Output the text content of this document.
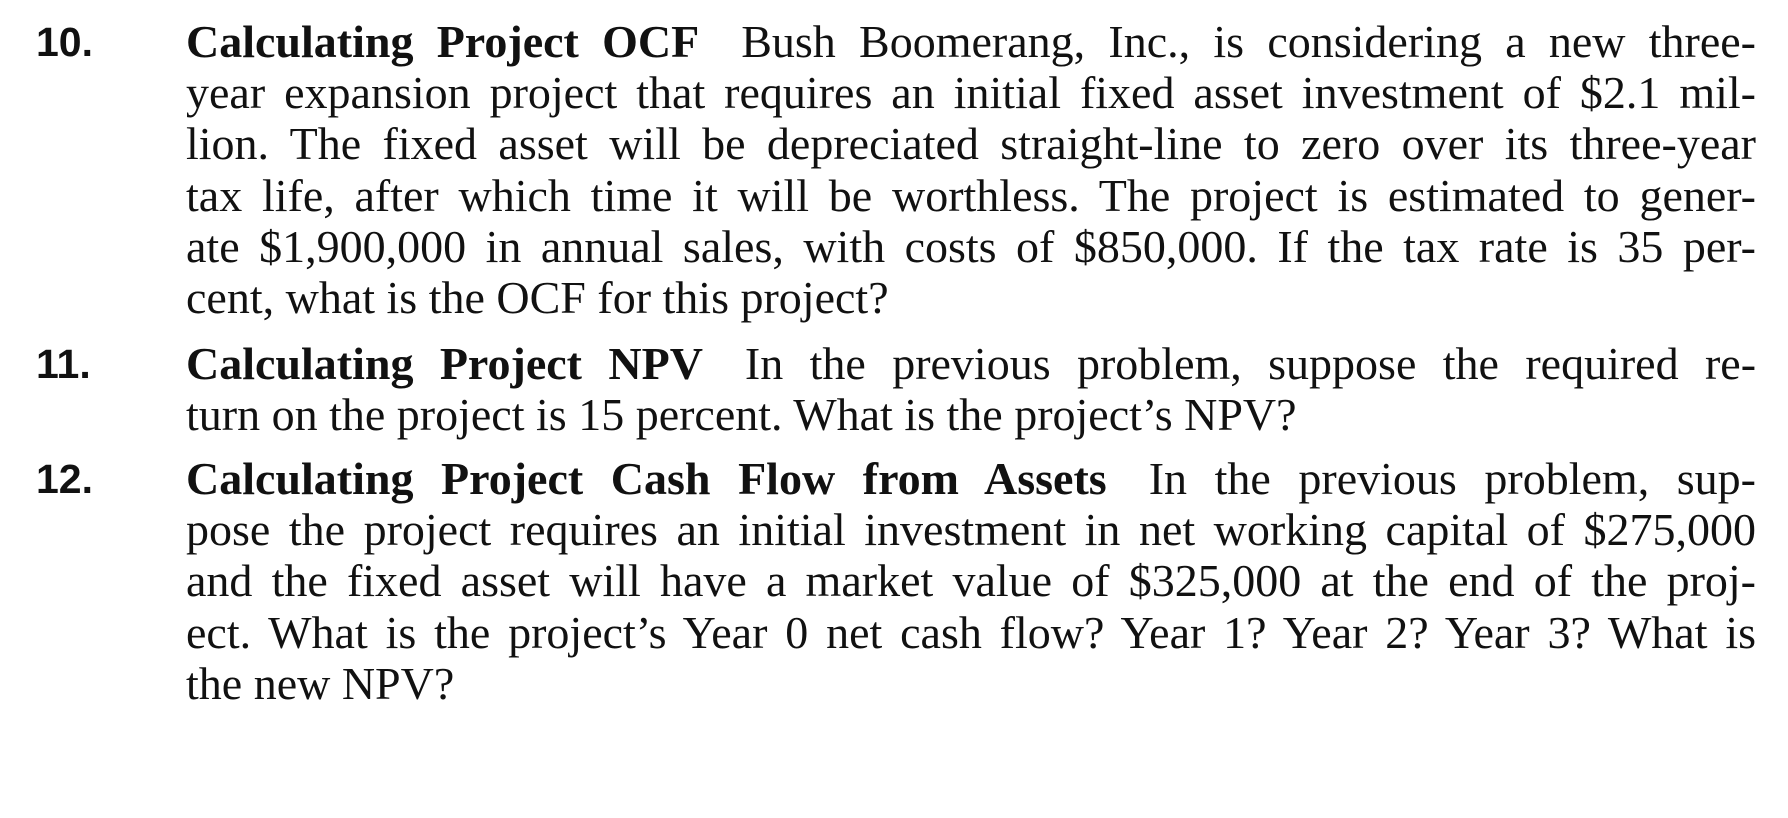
10. Calculating Project OCF Bush Boomerang, Inc., is considering a new three-
year expansion project that requires an initial fixed asset investment of $2.1 mil-
lion. The fixed asset will be depreciated straight-line to zero over its three-year
tax life, after which time it will be worthless. The project is estimated to gener-
ate $1,900,000 in annual sales, with costs of $850,000. If the tax rate is 35 per-
cent, what is the OCF for this project?
11. Calculating Project NPV In the previous problem, suppose the required re-
turn on the project is 15 percent. What is the project’s NPV?
12. Calculating Project Cash Flow from Assets In the previous problem, sup-
pose the project requires an initial investment in net working capital of $275,000
and the fixed asset will have a market value of $325,000 at the end of the proj-
ect. What is the project’s Year 0 net cash flow? Year 1? Year 2? Year 3? What is
the new NPV?
